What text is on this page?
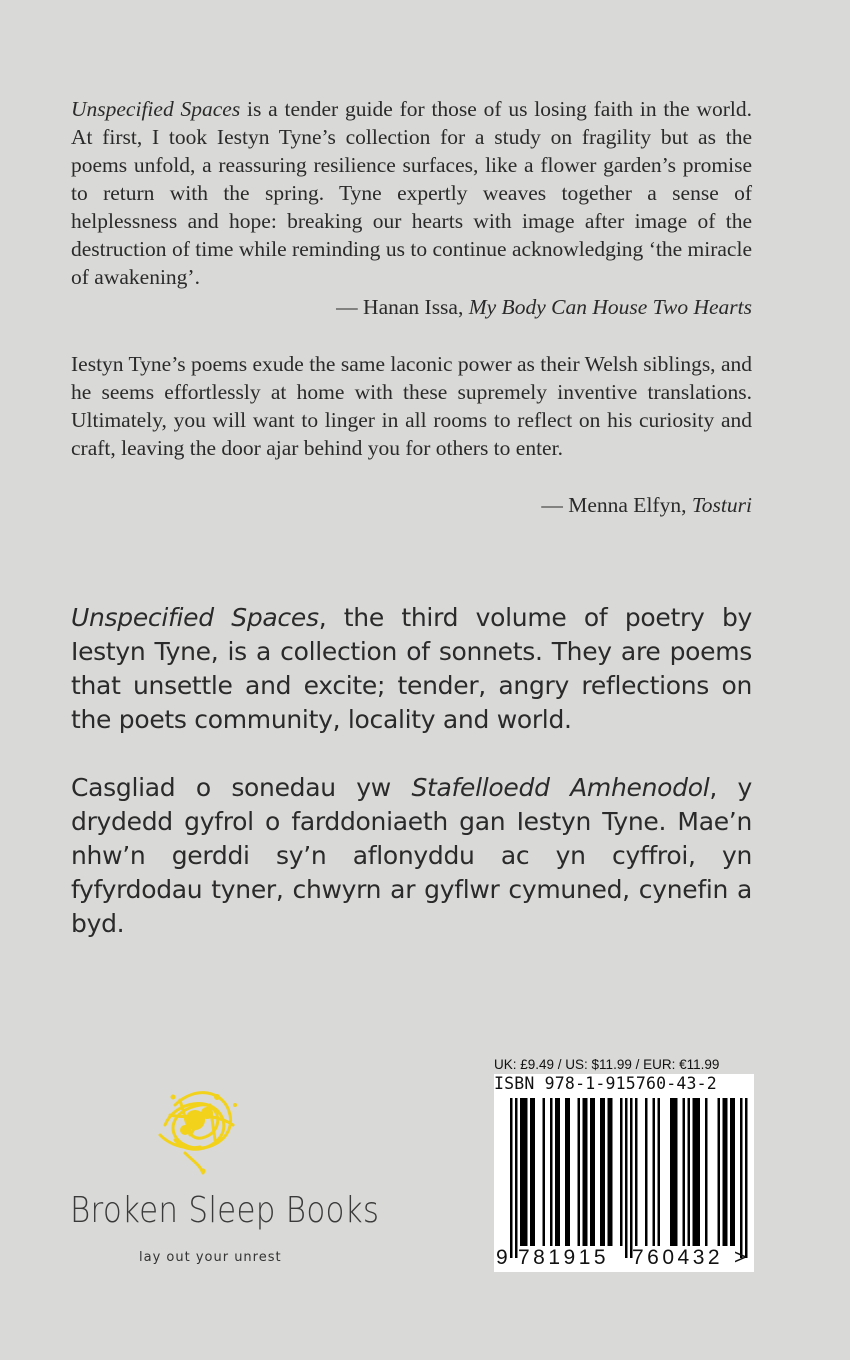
Unspecified Spaces is a tender guide for those of us losing faith in the world. At first, I took Iestyn Tyne’s collection for a study on fragility but as the poems unfold, a reassuring resilience surfaces, like a flower garden’s promise to return with the spring. Tyne expertly weaves together a sense of helplessness and hope: breaking our hearts with image after image of the destruction of time while reminding us to continue acknowledging ‘the miracle of awakening’.

— Hanan Issa, My Body Can House Two Hearts

Iestyn Tyne’s poems exude the same laconic power as their Welsh siblings, and he seems effortlessly at home with these supremely inventive translations. Ultimately, you will want to linger in all rooms to reflect on his curiosity and craft, leaving the door ajar behind you for others to enter.

— Menna Elfyn, Tosturi

Unspecified Spaces, the third volume of poetry by Iestyn Tyne, is a collection of sonnets. They are poems that unsettle and excite; tender, angry reflections on the poets community, locality and world.

Casgliad o sonedau yw Stafelloedd Amhenodol, y drydedd gyfrol o farddoniaeth gan Iestyn Tyne. Mae’n nhw’n gerddi sy’n aflonyddu ac yn cyffroi, yn fyfyrdodau tyner, chwyrn ar gyflwr cymuned, cynefin a byd.

Broken Sleep Books
lay out your unrest
UK: £9.49 / US: $11.99 / EUR: €11.99
ISBN 978-1-915760-43-2
9 781915 760432 >
